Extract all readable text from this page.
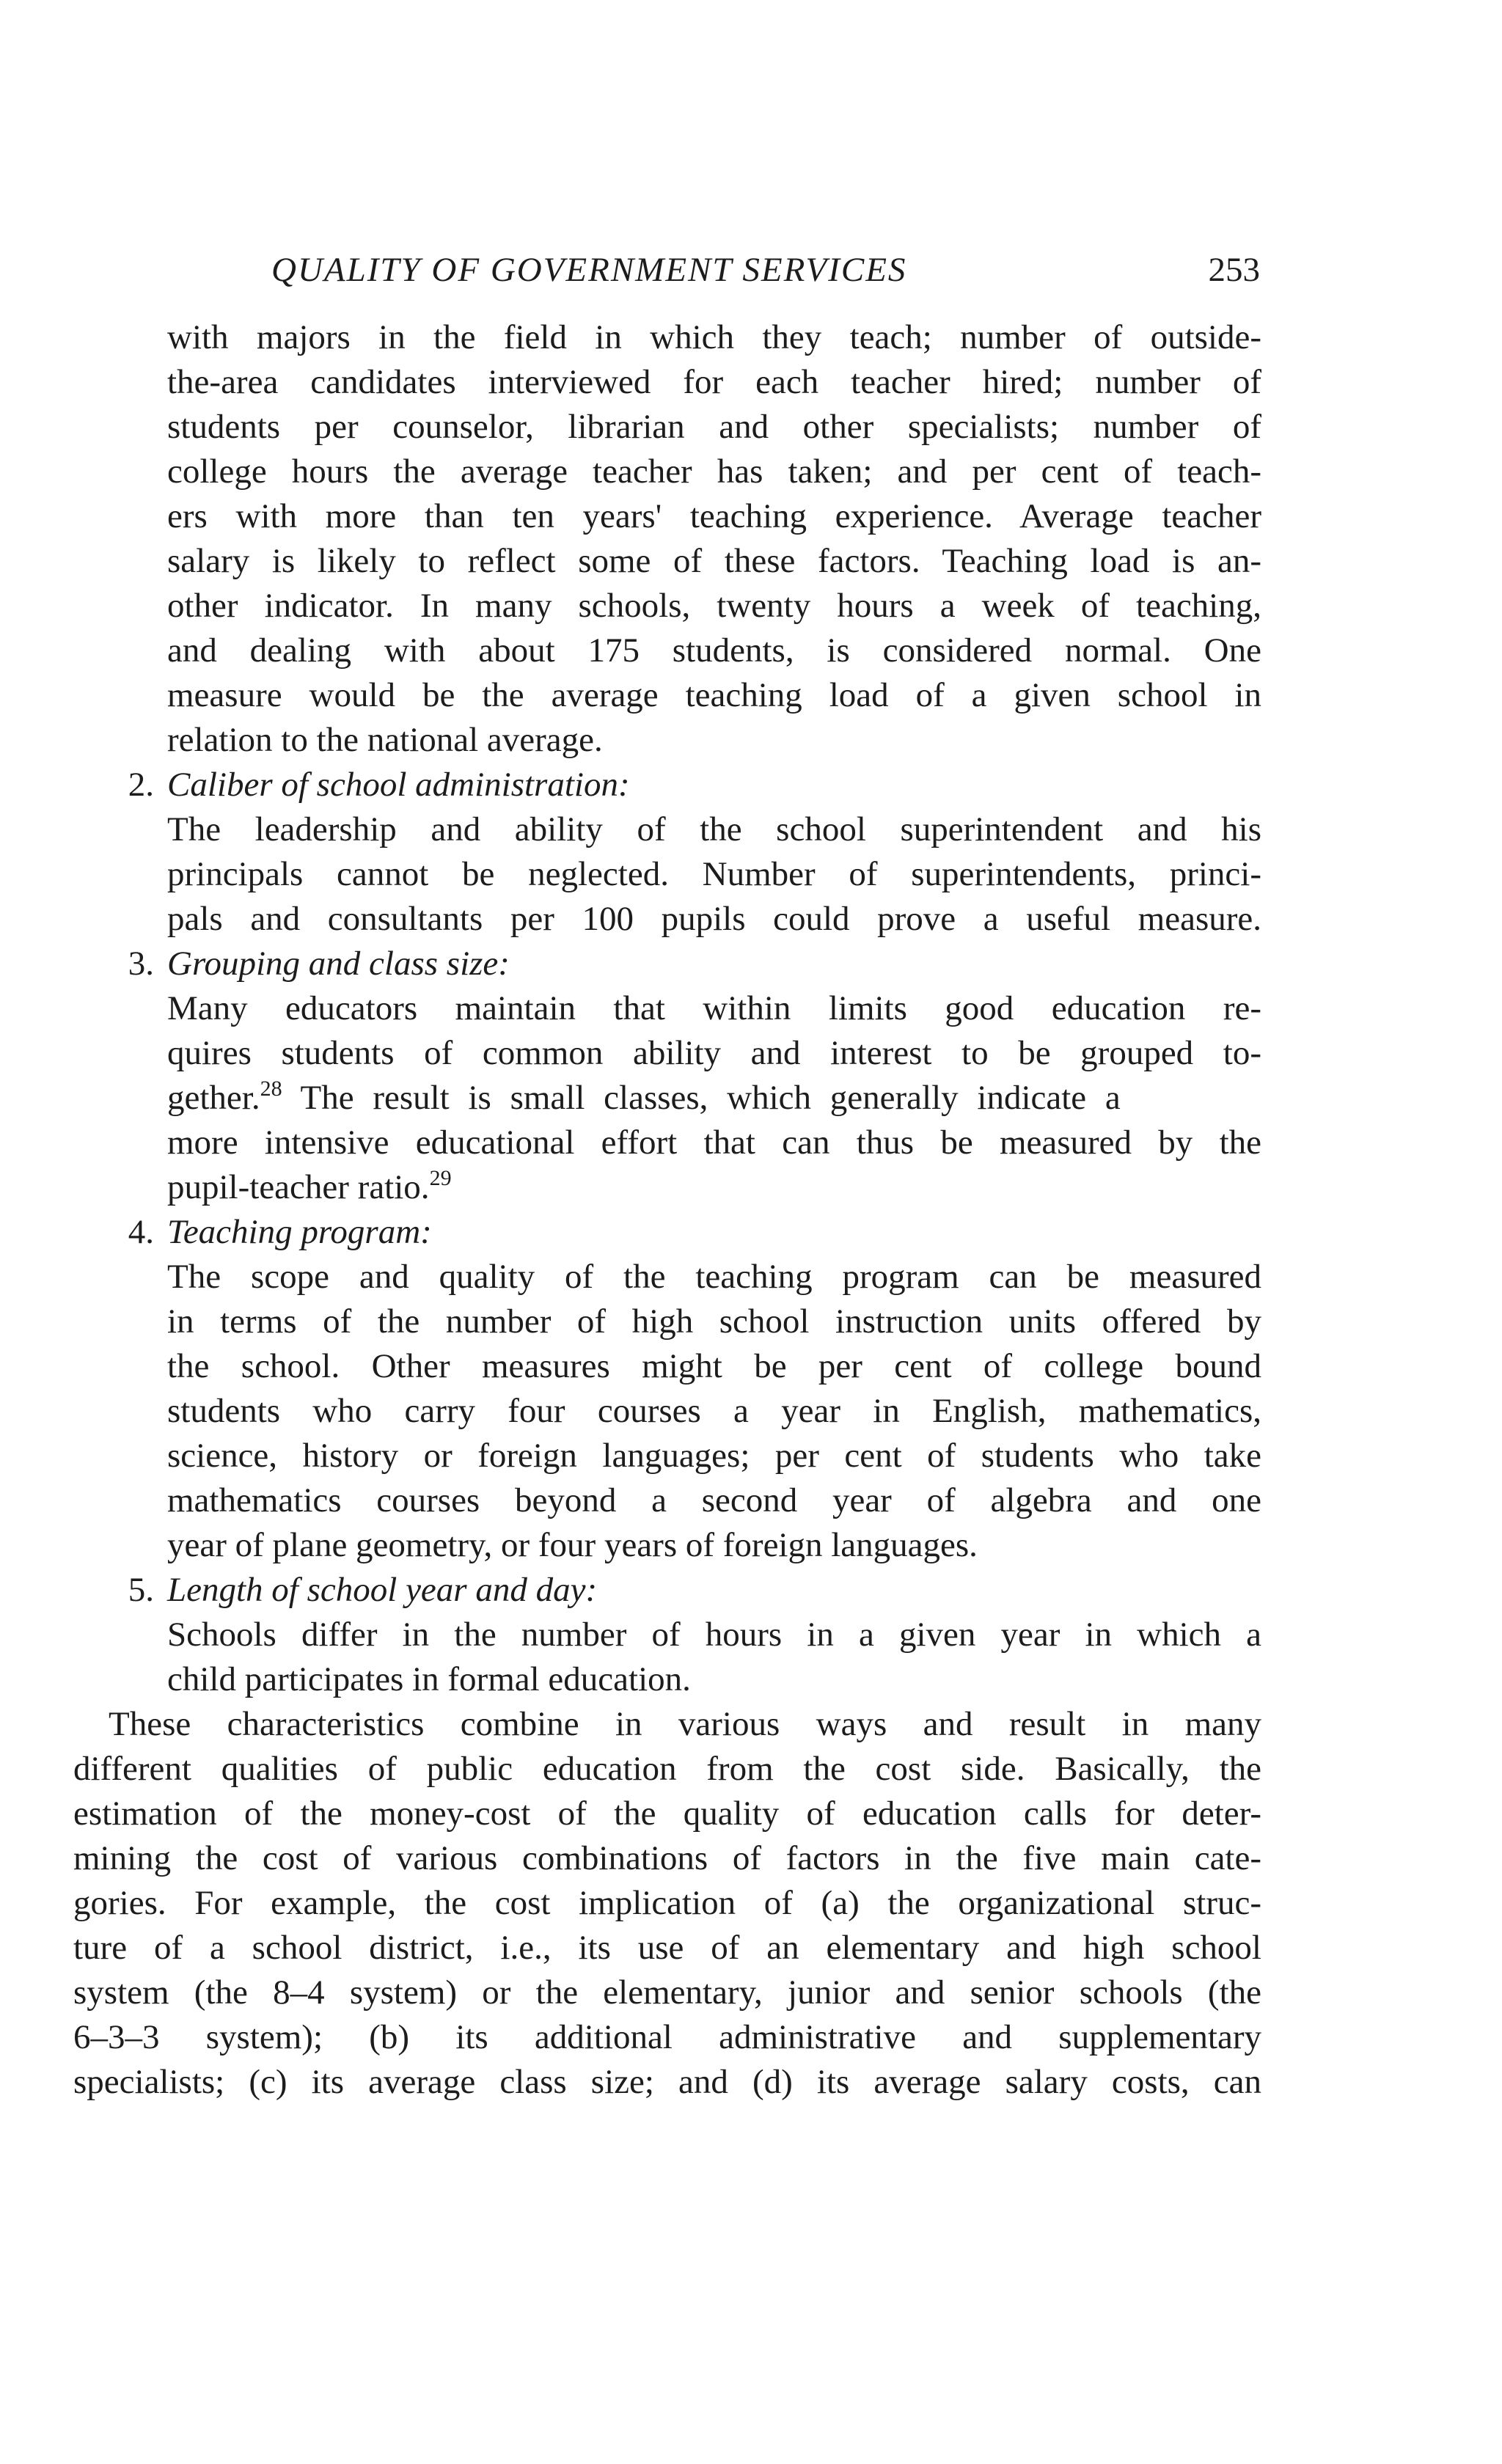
QUALITY OF GOVERNMENT SERVICES	253
with majors in the field in which they teach; number of outside-
the-area candidates interviewed for each teacher hired; number of
students per counselor, librarian and other specialists; number of
college hours the average teacher has taken; and per cent of teach-
ers with more than ten years' teaching experience. Average teacher
salary is likely to reflect some of these factors. Teaching load is an-
other indicator. In many schools, twenty hours a week of teaching,
and dealing with about 175 students, is considered normal. One
measure would be the average teaching load of a given school in
relation to the national average.
2. Caliber of school administration:
The leadership and ability of the school superintendent and his
principals cannot be neglected. Number of superintendents, princi-
pals and consultants per 100 pupils could prove a useful measure.
3. Grouping and class size:
Many educators maintain that within limits good education re-
quires students of common ability and interest to be grouped to-
gether.$^{28}$ The result is small classes, which generally indicate a
more intensive educational effort that can thus be measured by the
pupil-teacher ratio.$^{29}$
4. Teaching program:
The scope and quality of the teaching program can be measured
in terms of the number of high school instruction units offered by
the school. Other measures might be per cent of college bound
students who carry four courses a year in English, mathematics,
science, history or foreign languages; per cent of students who take
mathematics courses beyond a second year of algebra and one
year of plane geometry, or four years of foreign languages.
5. Length of school year and day:
Schools differ in the number of hours in a given year in which a
child participates in formal education.
These characteristics combine in various ways and result in many
different qualities of public education from the cost side. Basically, the
estimation of the money-cost of the quality of education calls for deter-
mining the cost of various combinations of factors in the five main cate-
gories. For example, the cost implication of (a) the organizational struc-
ture of a school district, i.e., its use of an elementary and high school
system (the 8–4 system) or the elementary, junior and senior schools (the
6–3–3 system); (b) its additional administrative and supplementary
specialists; (c) its average class size; and (d) its average salary costs, can
